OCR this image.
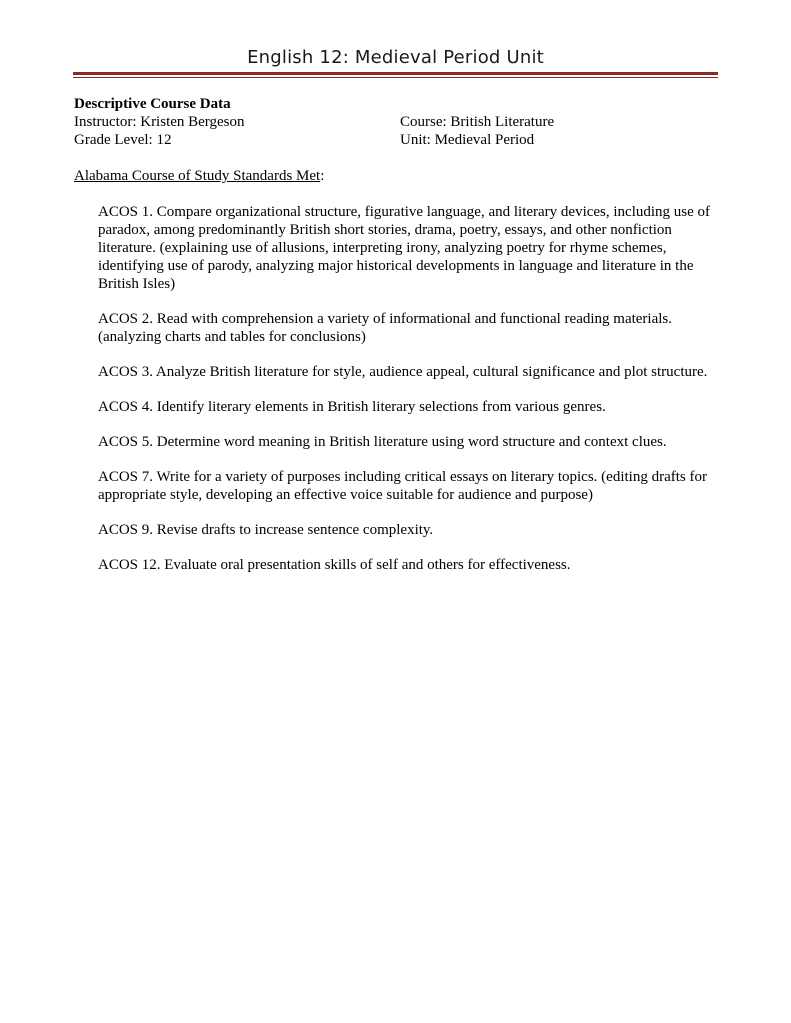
English 12: Medieval Period Unit
Descriptive Course Data
Instructor: Kristen Bergeson	Course: British Literature
Grade Level: 12	Unit: Medieval Period
Alabama Course of Study Standards Met:
ACOS 1. Compare organizational structure, figurative language, and literary devices, including use of paradox, among predominantly British short stories, drama, poetry, essays, and other nonfiction literature. (explaining use of allusions, interpreting irony, analyzing poetry for rhyme schemes, identifying use of parody, analyzing major historical developments in language and literature in the British Isles)
ACOS 2. Read with comprehension a variety of informational and functional reading materials. (analyzing charts and tables for conclusions)
ACOS 3. Analyze British literature for style, audience appeal, cultural significance and plot structure.
ACOS 4. Identify literary elements in British literary selections from various genres.
ACOS 5. Determine word meaning in British literature using word structure and context clues.
ACOS 7. Write for a variety of purposes including critical essays on literary topics. (editing drafts for appropriate style, developing an effective voice suitable for audience and purpose)
ACOS 9. Revise drafts to increase sentence complexity.
ACOS 12. Evaluate oral presentation skills of self and others for effectiveness.
